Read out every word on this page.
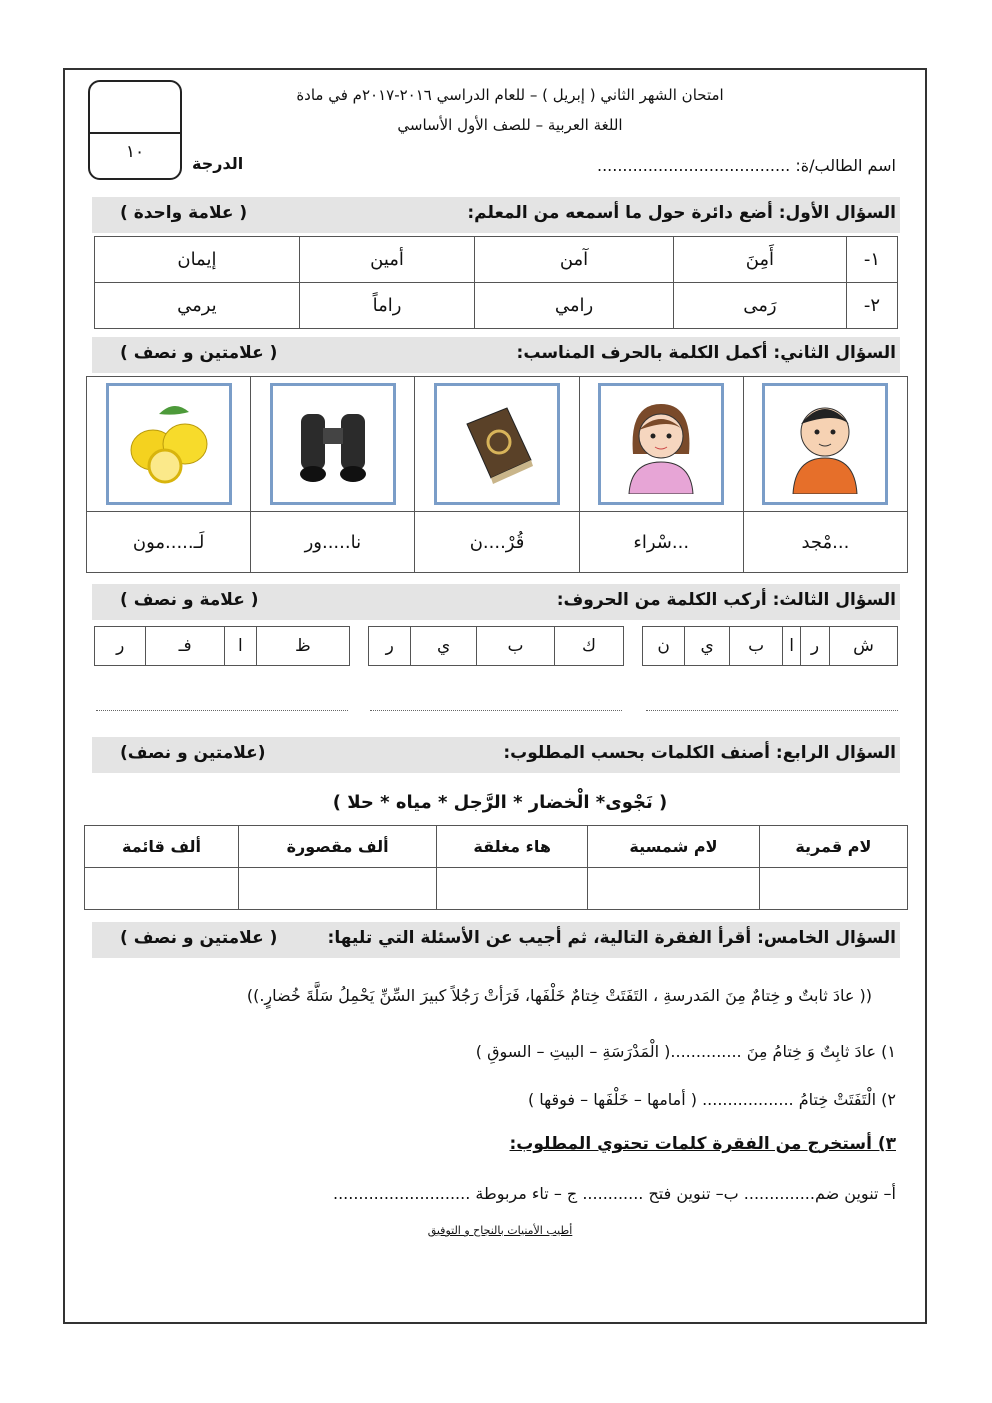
امتحان الشهر الثاني ( إبريل ) – للعام الدراسي ٢٠١٦-٢٠١٧م في مادة
اللغة العربية – للصف الأول الأساسي
اسم الطالب/ة: ......................................
الدرجة
١٠
السؤال الأول: أضع دائرة حول ما أسمعه من المعلم:
( علامة واحدة )
١-	أَمِنَ	آمن	أمين	إيمان
٢-	رَمى	رامي	راماً	يرمي
السؤال الثاني: أكمل الكلمة بالحرف المناسب:
( علامتين و نصف )

...مْجد	...سْراء	قُرْ....ن	نا.....ور	لَـ.....مون
السؤال الثالث: أركب الكلمة من الحروف:
( علامة و نصف )
ش	ر	ا	ب	ي	ن
ك	ب	ي	ر
ظ	ا	فـ	ر
السؤال الرابع: أصنف الكلمات بحسب المطلوب:
(علامتين و نصف)
( نَجْوى* الْخضار * الرَّجل * مياه * حلا )
لام قمرية	لام شمسية	هاء مغلقة	ألف مقصورة	ألف قائمة

السؤال الخامس: أقرأ الفقرة التالية، ثم أجيب عن الأسئلة التي تليها:
( علامتين و نصف )
(( عادَ ثابتٌ و خِتامٌ مِنَ المَدرسةِ ، التَفَتَتْ خِتامٌ خَلْفَها، فَرَأتْ رَجُلاً كبيرَ السِّنِّ يَحْمِلُ سَلَّةَ خُضارٍ.))
١) عادَ ثابِتٌ وَ خِتامُ مِنَ ..............( الْمَدْرَسَةِ – البيتِ – السوقِ )
٢) الْتَفَتَتْ خِتامُ .................. ( أمامها – خَلْفَها – فوقها )
٣) أستخرج من الفقرة كلمات تحتوي المطلوب:
أ– تنوين ضم.............. ب– تنوين فتح ............ ج – تاء مربوطة ...........................
أطيب الأمنيات بالنجاح و التوفيق
